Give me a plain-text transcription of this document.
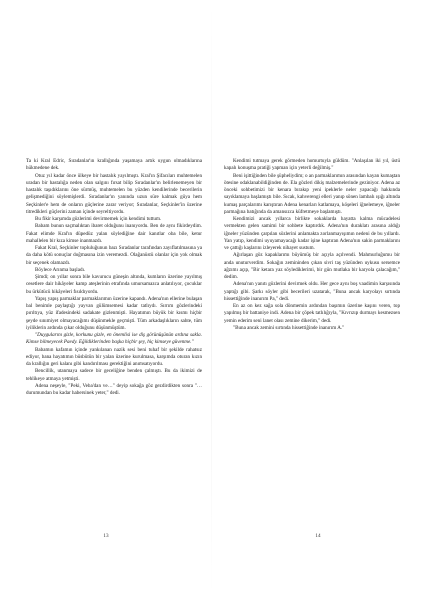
Ta ki Kral Edric, Sıradanlar'ın krallığında yaşamaya artık uygun olmadıklarına hükmedene dek.

Otuz yıl kadar önce ülkeye bir hastalık yayılmıştı. Kral'ın Şifacıları muhtemelen uradan bir hastalığa neden olan salgını fırsat bilip Sıradanlar'ın belirlenemeyen bir hastalık taşıdıklarını öne sürmüş, muhtemelen bu yüzden kendilerinde becerilerin gelişmediğini söylemişlerdi. Sıradanlar'ın yanında uzun süre kalmak güya hem Seçkinler'e hem de onların güçlerine zarar veriyor; Sıradanlar, Seçkinler'in üzerine titredikleri güçlerini zaman içinde seyreltiyordu.

Bu fikir karşımda gözlerimi devirmemek için kendimi tuttum.

Babam bunun saçmalıktan ibaret olduğunu inanıyordu. Ben de aynı fikirdeydim. Fakat elimde Kral'ın düpedüz yalan söylediğine dair kanıtlar oba bile, ketur mahallelen bir kıza kimse inanmazdı.

Fakat Kral, Seçkinler topluluğunun bazı Sıradanlar tarafından zayıflatılmasına ya da daha kötü sonuçlar doğmasına izin veremezdi. Olağanüstü olanlar için yok olmak bir seçenek olamazdı.

Böylece Arınma başladı.

Şimdi; on yıllar sonra bile kavurucu güneşin altında, kumların üzerine yayılmış cesetlere dair hikâyeler kamp ateşlerinin etrafında umursamazca anlatılıyor, çocuklar bu ürkütücü hikâyeleri fısıldıyordu.

Yapış yapış parmaklar parmaklarımın üzerine kapandı. Adena'nın ellerine bulaşan bal benimle paylaştığı yayvan gülümsemesi kadar tatlıydı. Sırrım gözlerindeki pırıltıya, yüz ifadesindeki sadakate gizlenmişti. Hayatımın büyük bir kısmı hiçbir şeyde sınımiyet olmayacağımı düşünmekle geçmişti. Tüm arkadaşlıkların sahte, tüm iyiliklerin ardında çıkar olduğunu düşünmüştüm.

"Duygularını gizle, korkunu gizle, en önemlisi ise diş görünüşünün ardına sakla. Kimse bilmeyecek Paedy. Eğildiklerinden başka hiçbir şey, hiç kimseye güvenme."

Babamın kafamın içinde yankılanan nazik sesi beni tuhaf bir şekilde rahatsız ediyor, bana hayatımın büsbütün bir yalan üzerine kurulmasa, karşımda oturan kızın da krallığın geri kalanı gibi kandırılması gerektiğini anımsatıyordu.

Bencillik, utanmaya sadece bir geceliğine benden çalmıştı. Bu da ikimizi de tehlikeye atmaya yetmişti.

Adena neşeyle, "Peki, Veba'dan ve…" deyip sokağa göz gezdirdikten sonra "…durumundan bu kadar habersinek yeter," dedi.

13

Kendimi tutmaya gerek görmeden homurtuyla güldüm. "Anlaşılan iki yıl, üstü kapalı konuşma pratiği yapman için yeterli değilmiş."

Beni işittiğinden bile şüpheliydim; o an parmaklarımın arasından kayan kumaştan ötesine odaklanabildiğinden de. Ela gözleri dikiş malzemelerinde geziniyor. Adena az önceki sohbetimizi bir kenara bırakıp yeni ipeklerle neler yapacağı hakkında sayıklamaya başlamıştı bile. Sıcak, kahverengi elleri yanıp sönen lambalı ışığı altında kumaş parçalarımı karıştıran Adena kenarları katlamaya, köşeleri iğnelemeye, iğneler parmağına batığında da amansızca küfretmeye başlamıştı.

Kendimizi ancak yıllarca birlikte sokaklarda hayatta kalma mücadelesi vermekten gelen samimi bir sohbete kaptırdık. Adena'nın duraklatı arasına aldığı iğneler yüzünden çarpılan sözlerini anlamakta zorlanmayışımın nedeni de bu yıllardı. Yan yatıp, kendimi uyuyamayacağı kadar işine kaptıran Adena'nın sakin parmaklarını ve çattığı kaşlarını izleyerek nihayet sustum.

Ağırlaşan göz kapaklarımı büyümüş bir açıyla açılvendi. Mahmurluğumu bir anda unuturverdim. Sokağın zemininden çıkan sivri taş yüzünden uykusu sersemce ağzımı açıp, "Bir ketara yaz söylediklerimi, bir gün mutlaka bir karyola çalacağım," dedim.

Adena'nın yanıtı gözlerini devirmek oldu. Her gece aynı boş vaadimin karşısında yaptığı gibi. Şarkı söyler gibi becerileri uzatarak, "Buna ancak karyolayı sırtında hissettiğinde inanırım Pa," dedi.

En az on kez sağa sola dönmemin ardından başımın üzerine kaşını veren, top yapılmış bir battaniye indi. Adena bir çöpek tatlılığıyla, "Kıvrızıp durmayı kesmezsen yemin ederim seni lanet olası zemine dikerim," dedi.

"Buna ancak zemini sırtında hissettiğinde inanırım A."

14
